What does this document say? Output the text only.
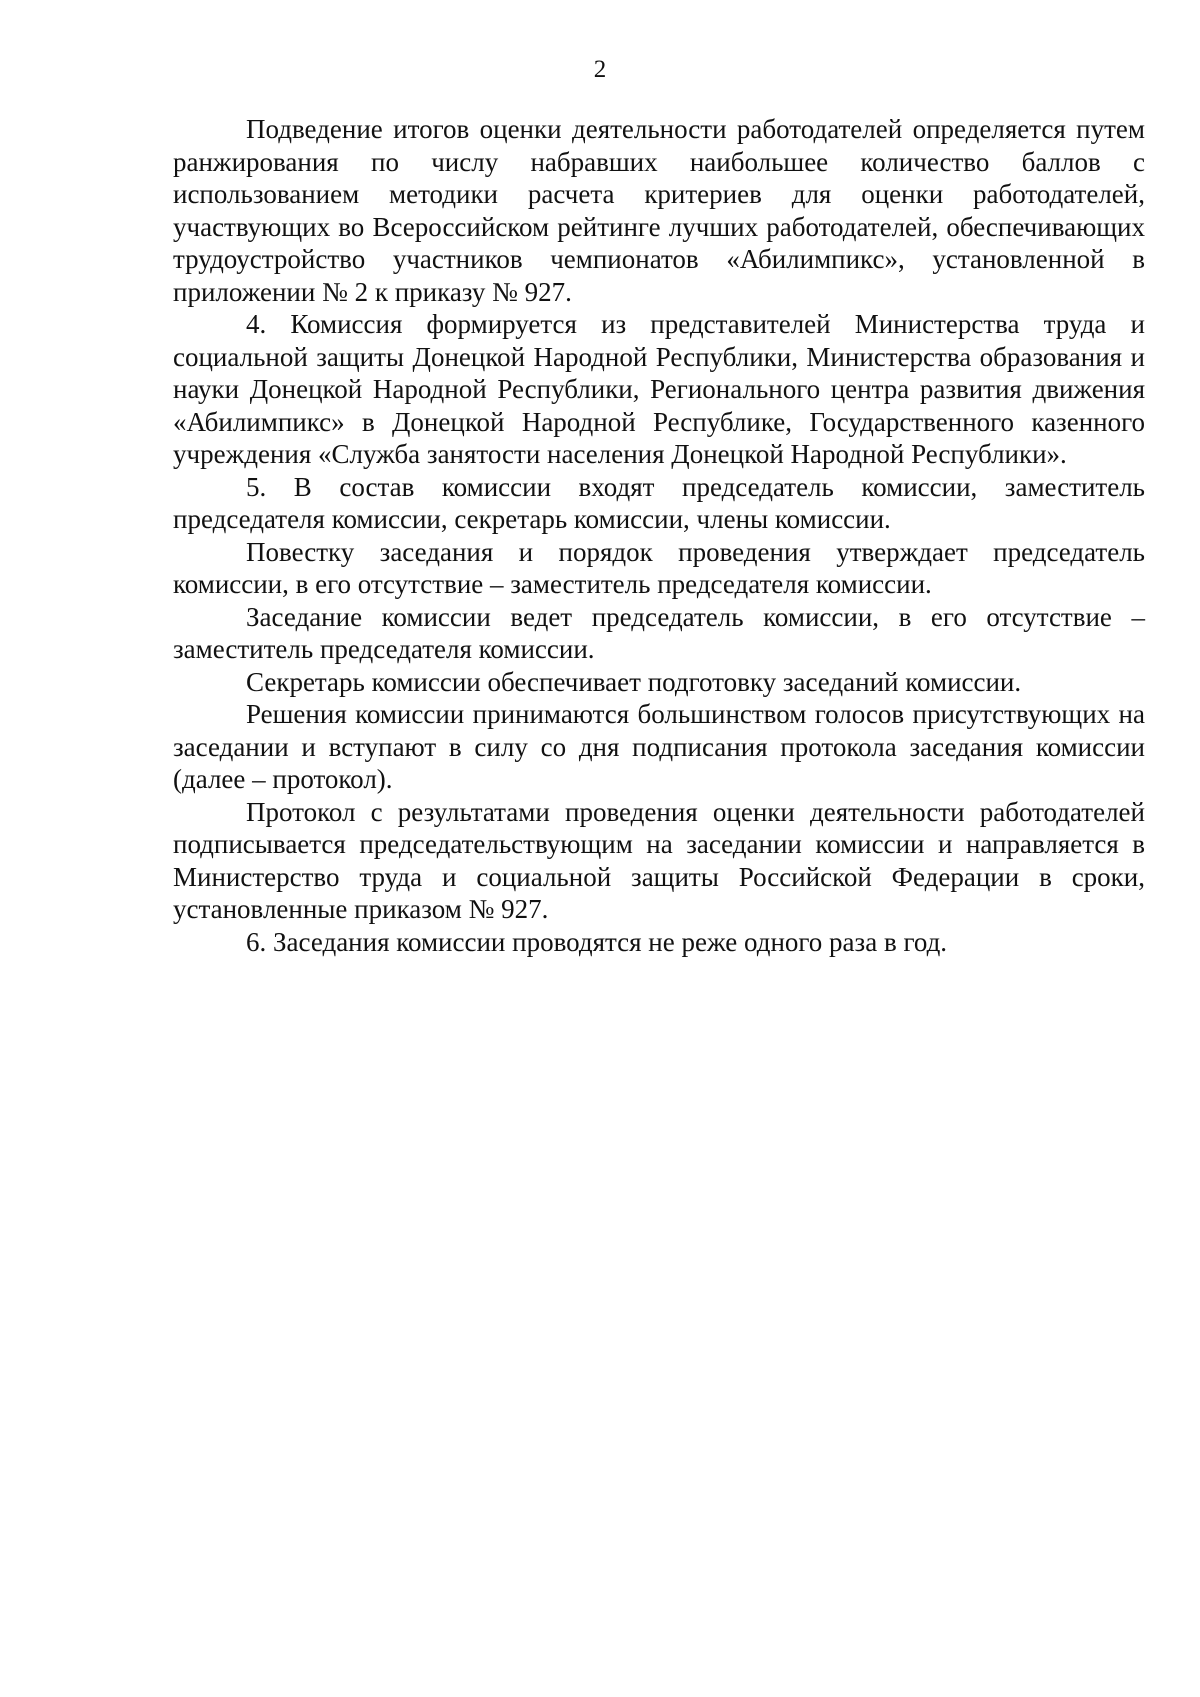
2

Подведение итогов оценки деятельности работодателей определяется путем ранжирования по числу набравших наибольшее количество баллов с использованием методики расчета критериев для оценки работодателей, участвующих во Всероссийском рейтинге лучших работодателей, обеспечивающих трудоустройство участников чемпионатов «Абилимпикс», установленной в приложении № 2 к приказу № 927.

4. Комиссия формируется из представителей Министерства труда и социальной защиты Донецкой Народной Республики, Министерства образования и науки Донецкой Народной Республики, Регионального центра развития движения «Абилимпикс» в Донецкой Народной Республике, Государственного казенного учреждения «Служба занятости населения Донецкой Народной Республики».

5. В состав комиссии входят председатель комиссии, заместитель председателя комиссии, секретарь комиссии, члены комиссии.

Повестку заседания и порядок проведения утверждает председатель комиссии, в его отсутствие – заместитель председателя комиссии.

Заседание комиссии ведет председатель комиссии, в его отсутствие – заместитель председателя комиссии.

Секретарь комиссии обеспечивает подготовку заседаний комиссии.

Решения комиссии принимаются большинством голосов присутствующих на заседании и вступают в силу со дня подписания протокола заседания комиссии (далее – протокол).

Протокол с результатами проведения оценки деятельности работодателей подписывается председательствующим на заседании комиссии и направляется в Министерство труда и социальной защиты Российской Федерации в сроки, установленные приказом № 927.

6. Заседания комиссии проводятся не реже одного раза в год.
